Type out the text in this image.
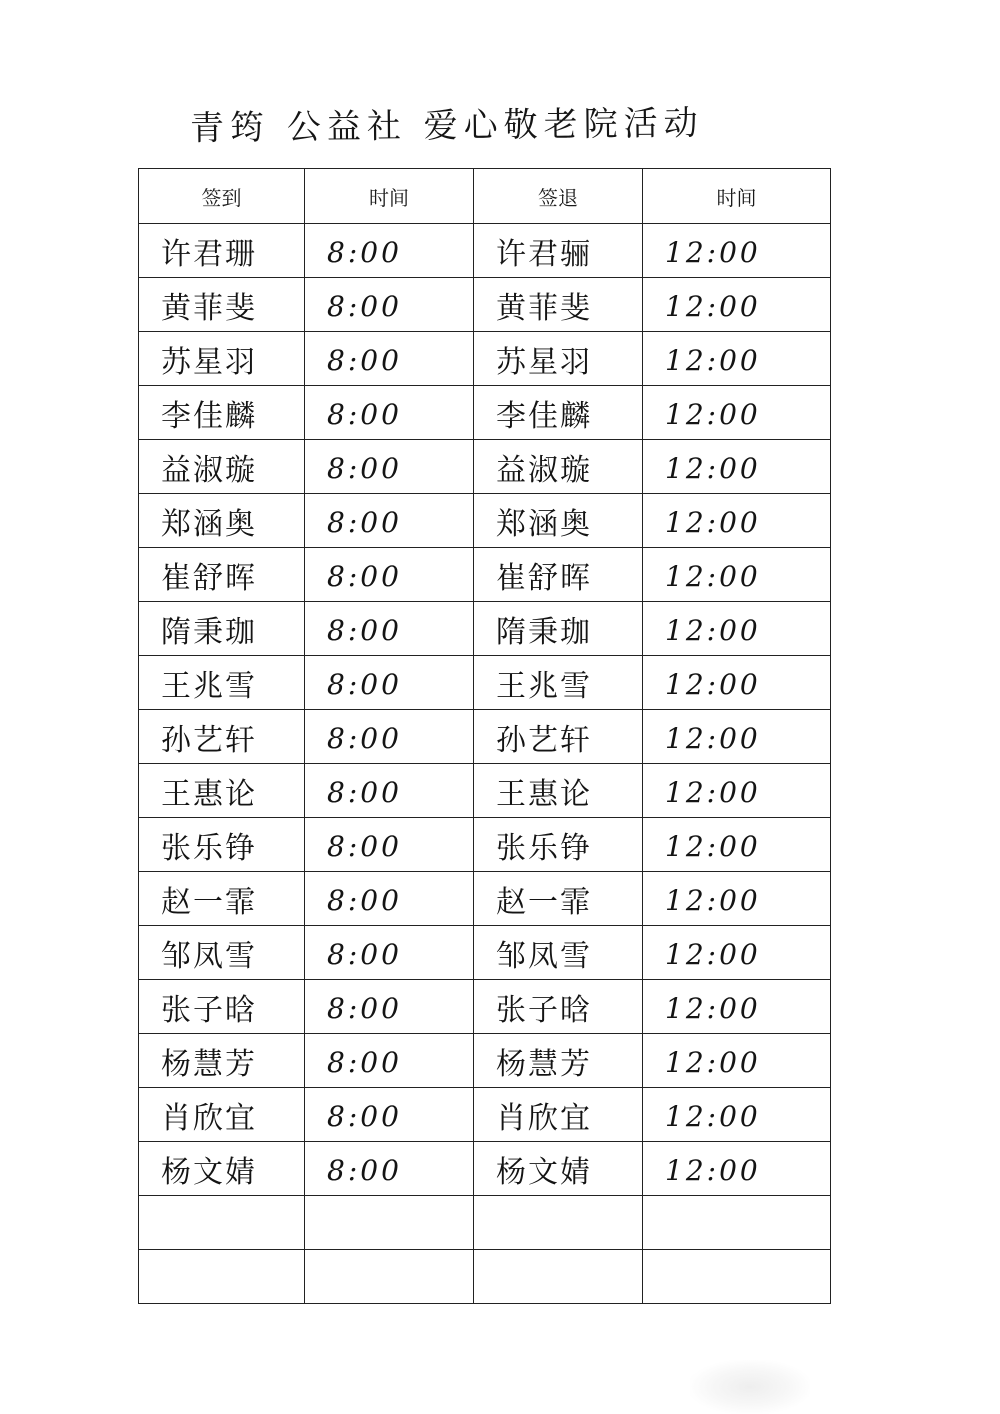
青筠 公益社 爱心敬老院活动
签到	时间	签退	时间
许君珊	8:00	许君骊	12:00
黄菲斐	8:00	黄菲斐	12:00
苏星羽	8:00	苏星羽	12:00
李佳麟	8:00	李佳麟	12:00
益淑璇	8:00	益淑璇	12:00
郑涵奥	8:00	郑涵奥	12:00
崔舒晖	8:00	崔舒晖	12:00
隋秉珈	8:00	隋秉珈	12:00
王兆雪	8:00	王兆雪	12:00
孙艺轩	8:00	孙艺轩	12:00
王惠论	8:00	王惠论	12:00
张乐铮	8:00	张乐铮	12:00
赵一霏	8:00	赵一霏	12:00
邹凤雪	8:00	邹凤雪	12:00
张子晗	8:00	张子晗	12:00
杨慧芳	8:00	杨慧芳	12:00
肖欣宜	8:00	肖欣宜	12:00
杨文婧	8:00	杨文婧	12:00
